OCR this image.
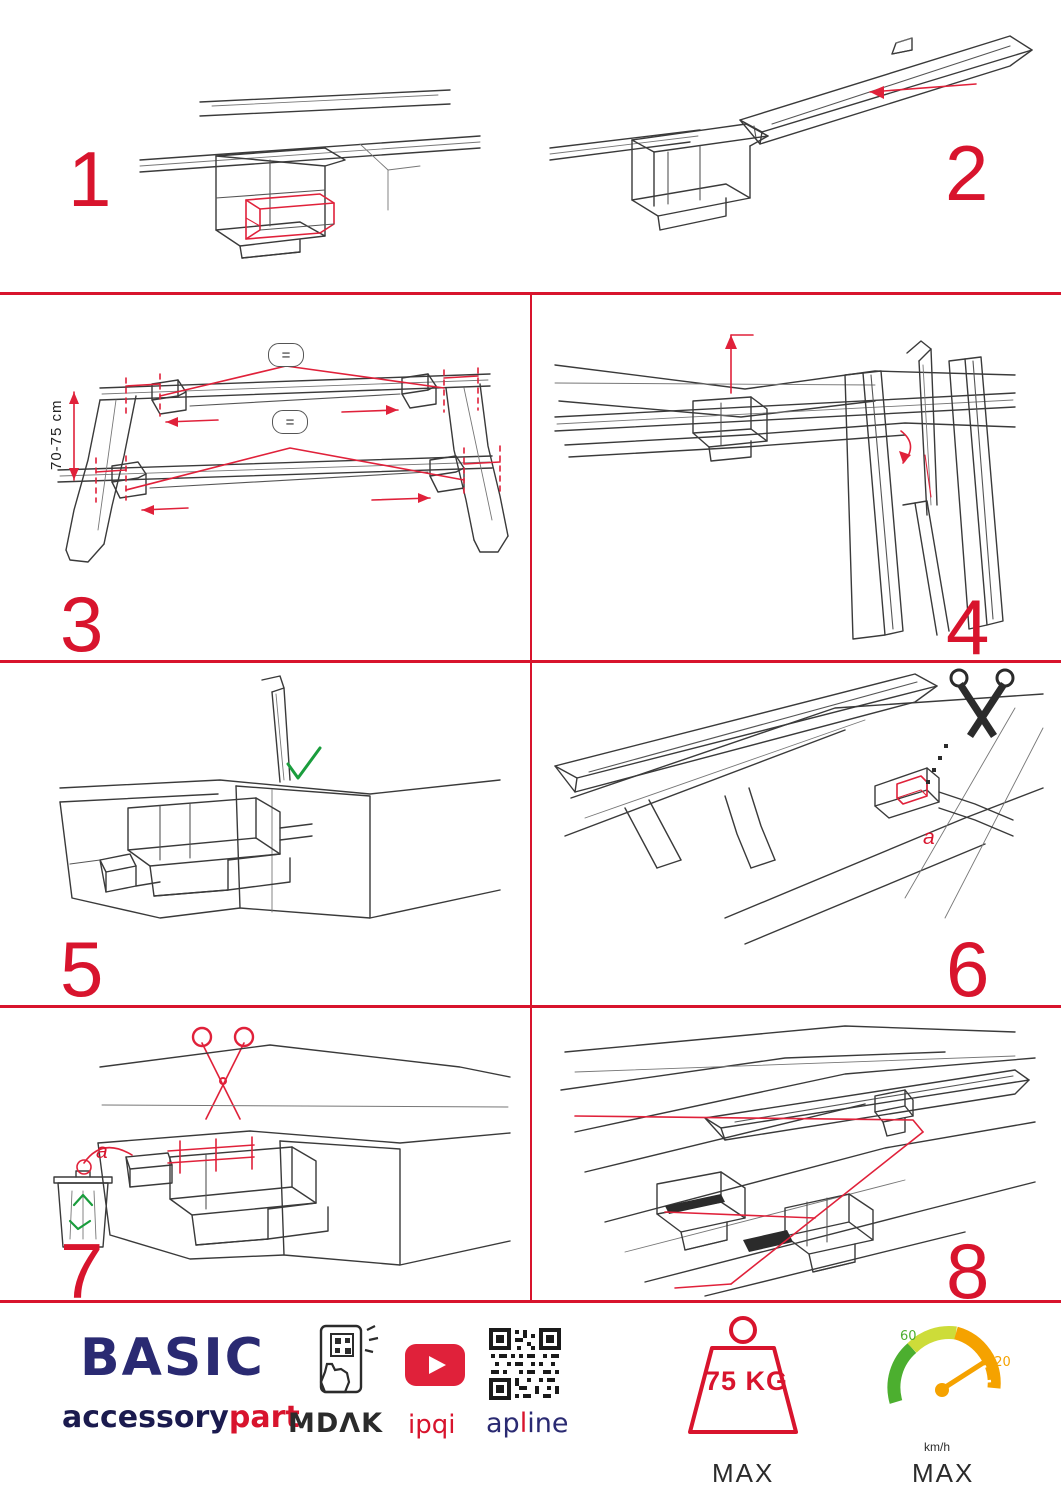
1	2
70-75 cm
=
=
3	4
5
a
6
a
7	8
BASIC
accessorypart
MDΛK ipqi apline
75 KG
MAX
60
120
km/h
MAX
